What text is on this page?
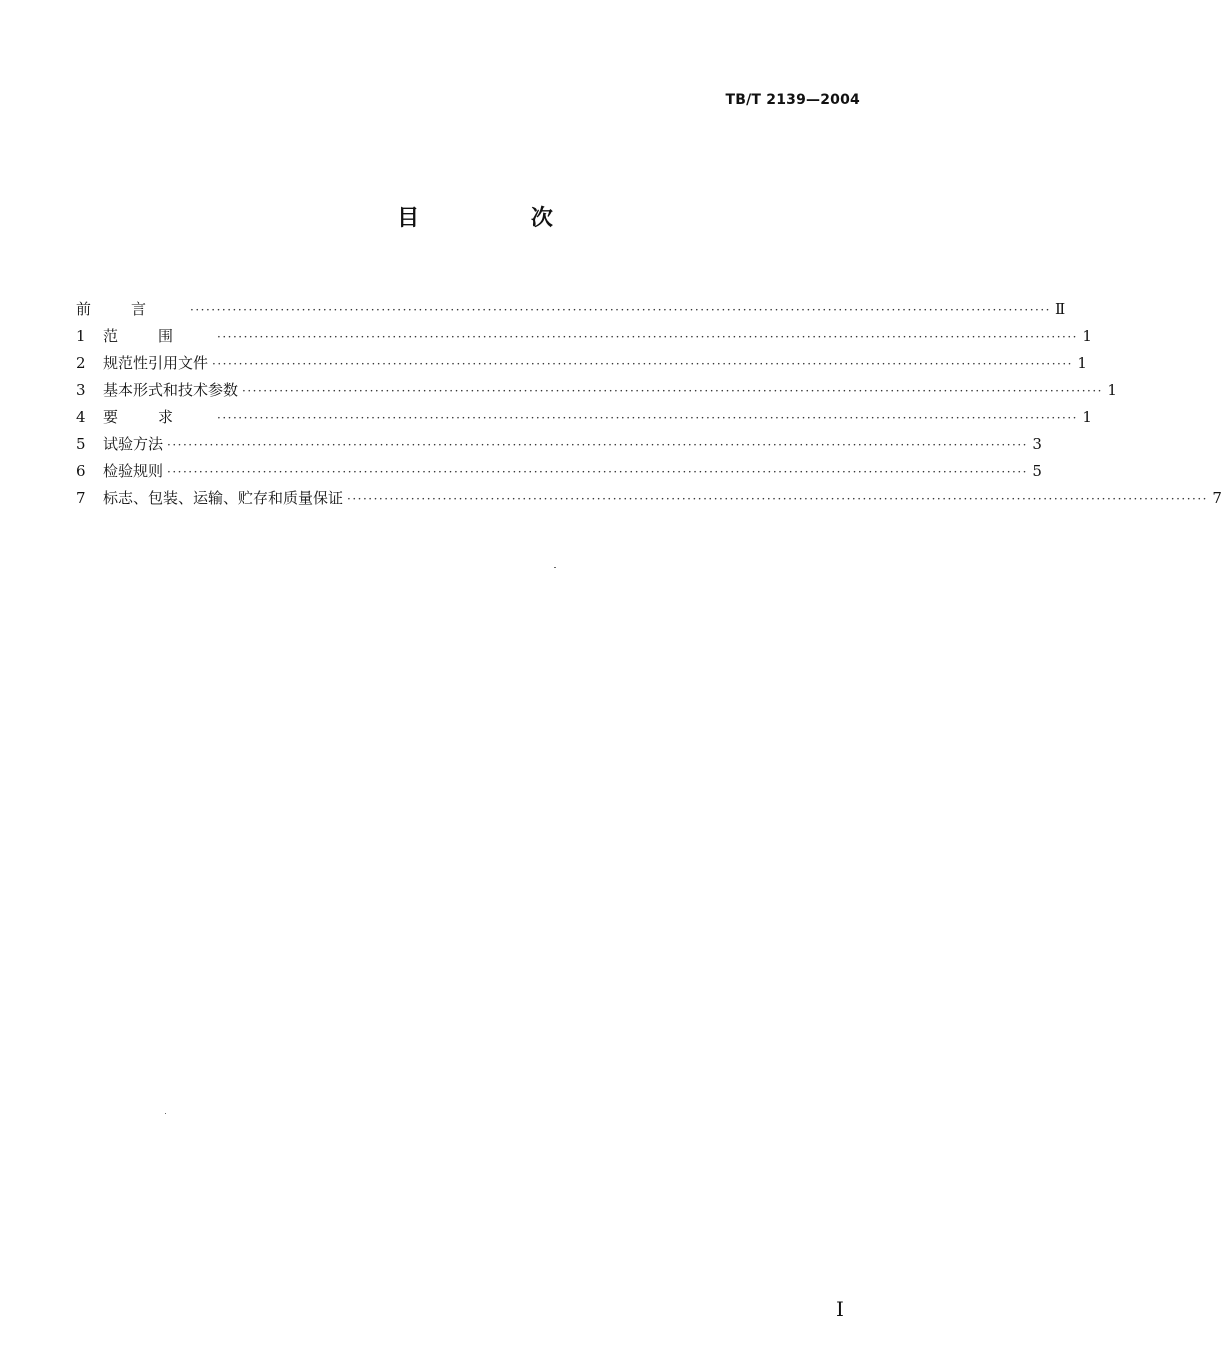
TB/T 2139—2004
目 次
前言 ·································································································································································· Ⅱ
1	范围 ·································································································································································· 1
2	规范性引用文件 ·································································································································································· 1
3	基本形式和技术参数 ·································································································································································· 1
4	要求 ·································································································································································· 1
5	试验方法 ·································································································································································· 3
6	检验规则 ·································································································································································· 5
7	标志、包装、运输、贮存和质量保证 ·································································································································································· 7
I
